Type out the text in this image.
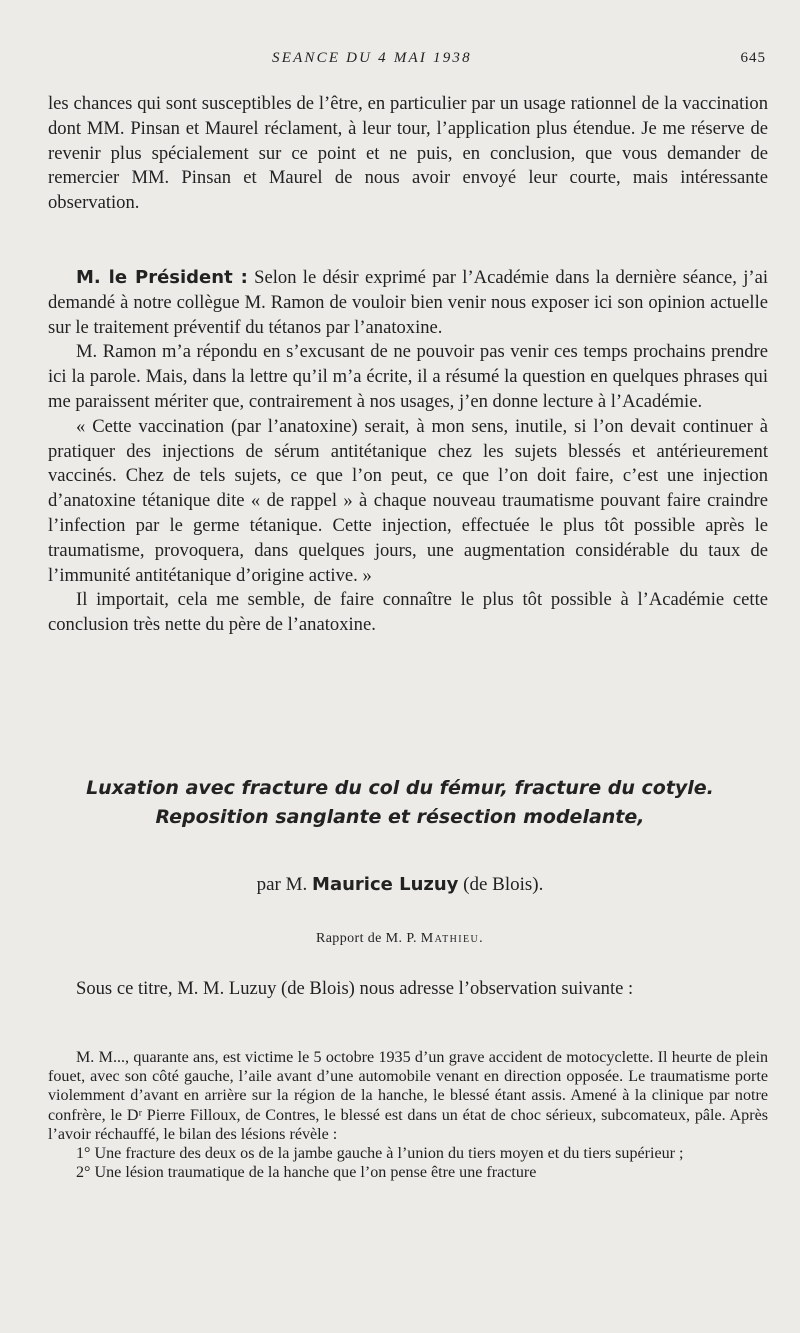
SEANCE DU 4 MAI 1938	645

les chances qui sont susceptibles de l’être, en particulier par un usage rationnel de la vaccination dont MM. Pinsan et Maurel réclament, à leur tour, l’application plus étendue. Je me réserve de revenir plus spécialement sur ce point et ne puis, en conclusion, que vous demander de remercier MM. Pinsan et Maurel de nous avoir envoyé leur courte, mais intéressante observation.

M. le Président : Selon le désir exprimé par l’Académie dans la dernière séance, j’ai demandé à notre collègue M. Ramon de vouloir bien venir nous exposer ici son opinion actuelle sur le traitement préventif du tétanos par l’anatoxine.

M. Ramon m’a répondu en s’excusant de ne pouvoir pas venir ces temps prochains prendre ici la parole. Mais, dans la lettre qu’il m’a écrite, il a résumé la question en quelques phrases qui me paraissent mériter que, contrairement à nos usages, j’en donne lecture à l’Académie.

« Cette vaccination (par l’anatoxine) serait, à mon sens, inutile, si l’on devait continuer à pratiquer des injections de sérum antitétanique chez les sujets blessés et antérieurement vaccinés. Chez de tels sujets, ce que l’on peut, ce que l’on doit faire, c’est une injection d’anatoxine tétanique dite « de rappel » à chaque nouveau traumatisme pouvant faire craindre l’infection par le germe tétanique. Cette injection, effectuée le plus tôt possible après le traumatisme, provoquera, dans quelques jours, une augmentation considérable du taux de l’immunité antitétanique d’origine active. »

Il importait, cela me semble, de faire connaître le plus tôt possible à l’Académie cette conclusion très nette du père de l’anatoxine.

Luxation avec fracture du col du fémur, fracture du cotyle.
Reposition sanglante et résection modelante,
par M. Maurice Luzuy (de Blois).
Rapport de M. P. Mathieu.

Sous ce titre, M. M. Luzuy (de Blois) nous adresse l’observation suivante :

M. M..., quarante ans, est victime le 5 octobre 1935 d’un grave accident de motocyclette. Il heurte de plein fouet, avec son côté gauche, l’aile avant d’une automobile venant en direction opposée. Le traumatisme porte violemment d’avant en arrière sur la région de la hanche, le blessé étant assis. Amené à la clinique par notre confrère, le Dʳ Pierre Filloux, de Contres, le blessé est dans un état de choc sérieux, subcomateux, pâle. Après l’avoir réchauffé, le bilan des lésions révèle :

1° Une fracture des deux os de la jambe gauche à l’union du tiers moyen et du tiers supérieur ;

2° Une lésion traumatique de la hanche que l’on pense être une fracture
